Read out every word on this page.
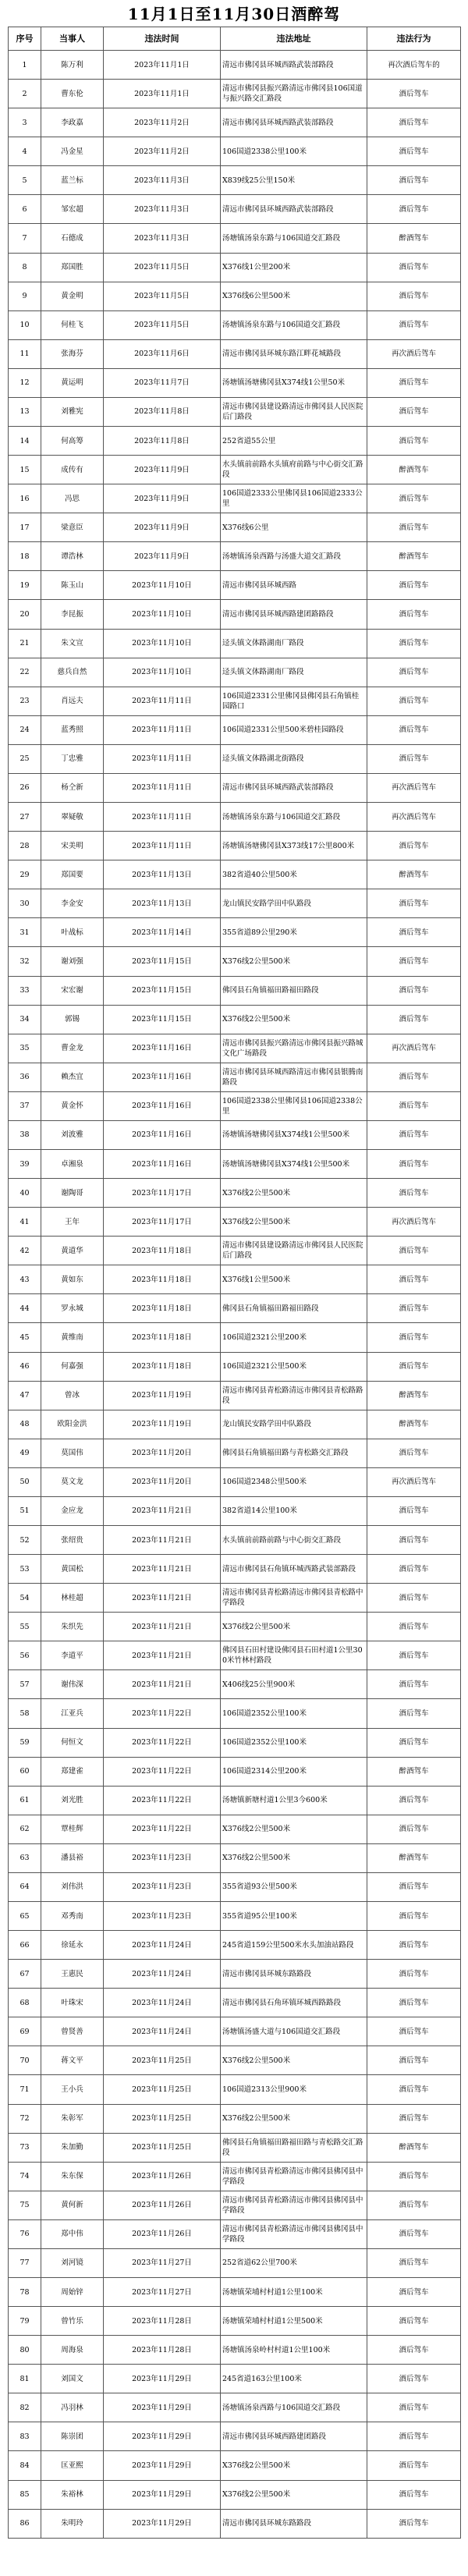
11月1日至11月30日酒醉驾
序号	当事人	违法时间	违法地址	违法行为
1	陈万利	2023年11月1日	清远市佛冈县环城西路武装部路段	再次酒后驾车的
2	曹东伦	2023年11月1日	清远市佛冈县振兴路清远市佛冈县106国道与振兴路交汇路段	酒后驾车
3	李政嘉	2023年11月2日	清远市佛冈县环城西路武装部路段	酒后驾车
4	冯金星	2023年11月2日	106国道2338公里100米	酒后驾车
5	蓝兰标	2023年11月3日	X839线25公里150米	酒后驾车
6	邹宏超	2023年11月3日	清远市佛冈县环城西路武装部路段	酒后驾车
7	石德成	2023年11月3日	汤塘镇汤泉东路与106国道交汇路段	醉酒驾车
8	郑国胜	2023年11月5日	X376线1公里200米	酒后驾车
9	黄金明	2023年11月5日	X376线6公里500米	酒后驾车
10	何桂飞	2023年11月5日	汤塘镇汤泉东路与106国道交汇路段	酒后驾车
11	张海芬	2023年11月6日	清远市佛冈县环城东路江畔花城路段	再次酒后驾车
12	黄运明	2023年11月7日	汤塘镇汤塘佛冈县X374线1公里50米	酒后驾车
13	刘雅宪	2023年11月8日	清远市佛冈县建设路清远市佛冈县人民医院后门路段	酒后驾车
14	何高筹	2023年11月8日	252省道55公里	酒后驾车
15	成传有	2023年11月9日	水头镇前前路水头镇府前路与中心街交汇路段	醉酒驾车
16	冯思	2023年11月9日	106国道2333公里佛冈县106国道2333公里	酒后驾车
17	梁意臣	2023年11月9日	X376线6公里	酒后驾车
18	谭浩林	2023年11月9日	汤塘镇汤泉西路与汤盛大道交汇路段	醉酒驾车
19	陈玉山	2023年11月10日	清远市佛冈县环城西路	酒后驾车
20	李昆振	2023年11月10日	清远市佛冈县环城西路建团路路段	酒后驾车
21	朱文宣	2023年11月10日	迳头镇文体路湖南厂路段	酒后驾车
22	慈兵自然	2023年11月10日	迳头镇文体路湖南厂路段	酒后驾车
23	肖远夫	2023年11月11日	106国道2331公里佛冈县佛冈县石角镇桂园路口	酒后驾车
24	蓝秀照	2023年11月11日	106国道2331公里500米碧桂园路段	酒后驾车
25	丁忠雅	2023年11月11日	迳头镇文体路湖北街路段	酒后驾车
26	杨仝新	2023年11月11日	清远市佛冈县环城西路武装部路段	再次酒后驾车
27	翠疑敬	2023年11月11日	汤塘镇汤泉东路与106国道交汇路段	再次酒后驾车
28	宋美明	2023年11月11日	汤塘镇汤塘佛冈县X373线17公里800米	酒后驾车
29	郑国要	2023年11月13日	382省道40公里500米	醉酒驾车
30	李金安	2023年11月13日	龙山镇民安路学田中队路段	酒后驾车
31	叶战标	2023年11月14日	355省道89公里290米	酒后驾车
32	谢刘强	2023年11月15日	X376线2公里500米	酒后驾车
33	宋宏谢	2023年11月15日	佛冈县石角镇福田路福田路段	酒后驾车
34	郭锡	2023年11月15日	X376线2公里500米	酒后驾车
35	曹金龙	2023年11月16日	清远市佛冈县振兴路清远市佛冈县振兴路城文化广场路段	再次酒后驾车
36	赖杰宜	2023年11月16日	清远市佛冈县环城西路清远市佛冈县银腾南路段	酒后驾车
37	黄金怀	2023年11月16日	106国道2338公里佛冈县106国道2338公里	酒后驾车
38	刘波雅	2023年11月16日	汤塘镇汤塘佛冈县X374线1公里500米	酒后驾车
39	卓湘泉	2023年11月16日	汤塘镇汤塘佛冈县X374线1公里500米	酒后驾车
40	谢陶哥	2023年11月17日	X376线2公里500米	酒后驾车
41	王年	2023年11月17日	X376线2公里500米	再次酒后驾车
42	黄道华	2023年11月18日	清远市佛冈县建设路清远市佛冈县人民医院后门路段	酒后驾车
43	黄如东	2023年11月18日	X376线1公里500米	酒后驾车
44	罗永城	2023年11月18日	佛冈县石角镇福田路福田路段	酒后驾车
45	黄维南	2023年11月18日	106国道2321公里200米	酒后驾车
46	何嘉强	2023年11月18日	106国道2321公里500米	酒后驾车
47	曾冰	2023年11月19日	清远市佛冈县青松路清远市佛冈县青松路路段	醉酒驾车
48	欧阳金洪	2023年11月19日	龙山镇民安路学田中队路段	醉酒驾车
49	莫国伟	2023年11月20日	佛冈县石角镇福田路与青松路交汇路段	酒后驾车
50	莫文龙	2023年11月20日	106国道2348公里500米	再次酒后驾车
51	金应龙	2023年11月21日	382省道14公里100米	酒后驾车
52	张绍贵	2023年11月21日	水头镇前前路前路与中心街交汇路段	酒后驾车
53	黄国松	2023年11月21日	清远市佛冈县石角镇环城西路武装部路段	酒后驾车
54	林桂超	2023年11月21日	清远市佛冈县青松路清远市佛冈县青松路中学路段	酒后驾车
55	朱织先	2023年11月21日	X376线2公里500米	酒后驾车
56	李道平	2023年11月21日	佛冈县石田村建设佛冈县石田村道1公里300米竹林村路段	酒后驾车
57	谢伟深	2023年11月21日	X406线25公里900米	酒后驾车
58	江亚兵	2023年11月22日	106国道2352公里100米	酒后驾车
59	何恒文	2023年11月22日	106国道2352公里100米	酒后驾车
60	郑建雀	2023年11月22日	106国道2314公里200米	醉酒驾车
61	刘光胜	2023年11月22日	汤塘镇新塘村道1公里3今600米	酒后驾车
62	覃桂辉	2023年11月22日	X376线2公里500米	酒后驾车
63	潘县裕	2023年11月23日	X376线2公里500米	醉酒驾车
64	刘伟洪	2023年11月23日	355省道93公里500米	酒后驾车
65	邓秀南	2023年11月23日	355省道95公里100米	酒后驾车
66	徐延永	2023年11月24日	245省道159公里500米水头加油站路段	酒后驾车
67	王惠民	2023年11月24日	清远市佛冈县环城东路路段	酒后驾车
68	叶珠宋	2023年11月24日	清远市佛冈县石角环镇环城西路路段	酒后驾车
69	曾贤善	2023年11月24日	汤塘镇汤盛大道与106国道交汇路段	酒后驾车
70	蒋文平	2023年11月25日	X376线2公里500米	酒后驾车
71	王小兵	2023年11月25日	106国道2313公里900米	酒后驾车
72	朱彰军	2023年11月25日	X376线2公里500米	酒后驾车
73	朱加勤	2023年11月25日	佛冈县石角镇福田路福田路与青松路交汇路段	醉酒驾车
74	朱东保	2023年11月26日	清远市佛冈县青松路清远市佛冈县佛冈县中学路段	酒后驾车
75	黄何新	2023年11月26日	清远市佛冈县青松路清远市佛冈县佛冈县中学路段	酒后驾车
76	郑中伟	2023年11月26日	清远市佛冈县青松路清远市佛冈县佛冈县中学路段	酒后驾车
77	刘河镜	2023年11月27日	252省道62公里700米	酒后驾车
78	周始锌	2023年11月27日	汤塘镇荣埔村村道1公里100米	酒后驾车
79	曾竹乐	2023年11月28日	汤塘镇荣埔村村道1公里500米	酒后驾车
80	周海泉	2023年11月28日	汤塘镇汤泉岭村村道1公里100米	酒后驾车
81	刘国文	2023年11月29日	245省道163公里100米	酒后驾车
82	冯羽林	2023年11月29日	汤塘镇汤泉西路与106国道交汇路段	酒后驾车
83	陈崇团	2023年11月29日	清远市佛冈县环城西路建团路段	酒后驾车
84	匡亚熙	2023年11月29日	X376线2公里500米	酒后驾车
85	朱裕林	2023年11月29日	X376线2公里500米	酒后驾车
86	朱明玲	2023年11月29日	清远市佛冈县环城东路路段	酒后驾车
